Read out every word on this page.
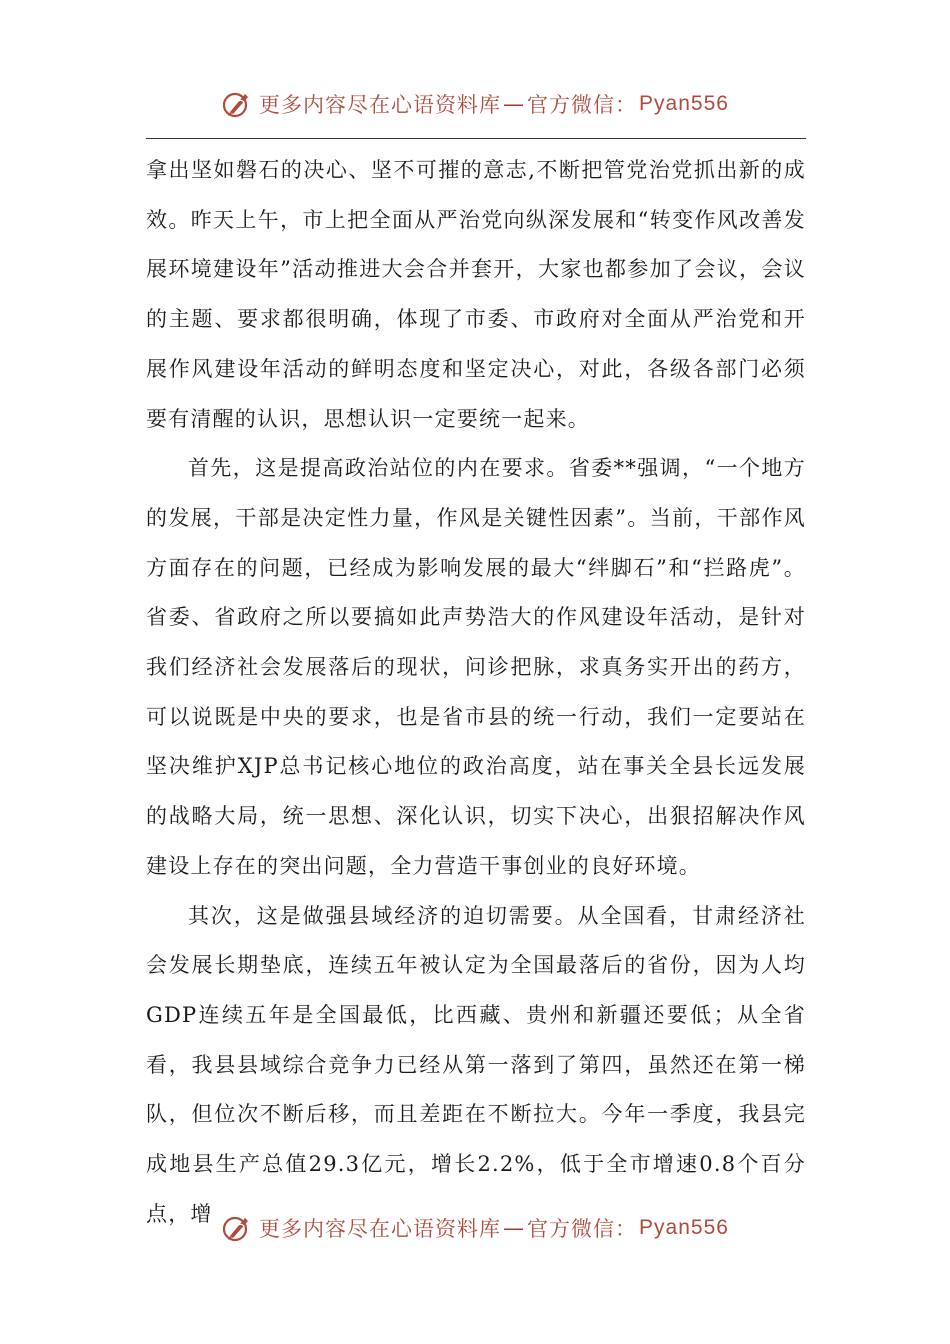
更多内容尽在心语资料库 — 官方微信： Pyan556

拿出坚如磐石的决心、坚不可摧的意志,不断把管党治党抓出新的成效。昨天上午，市上把全面从严治党向纵深发展和“转变作风改善发展环境建设年”活动推进大会合并套开，大家也都参加了会议，会议的主题、要求都很明确，体现了市委、市政府对全面从严治党和开展作风建设年活动的鲜明态度和坚定决心，对此，各级各部门必须要有清醒的认识，思想认识一定要统一起来。

首先，这是提高政治站位的内在要求。省委**强调，“一个地方的发展，干部是决定性力量，作风是关键性因素”。当前，干部作风方面存在的问题，已经成为影响发展的最大“绊脚石”和“拦路虎”。省委、省政府之所以要搞如此声势浩大的作风建设年活动，是针对我们经济社会发展落后的现状，问诊把脉，求真务实开出的药方，可以说既是中央的要求，也是省市县的统一行动，我们一定要站在坚决维护XJP总书记核心地位的政治高度，站在事关全县长远发展的战略大局，统一思想、深化认识，切实下决心，出狠招解决作风建设上存在的突出问题，全力营造干事创业的良好环境。

其次，这是做强县域经济的迫切需要。从全国看，甘肃经济社会发展长期垫底，连续五年被认定为全国最落后的省份，因为人均GDP连续五年是全国最低，比西藏、贵州和新疆还要低；从全省看，我县县域综合竞争力已经从第一落到了第四，虽然还在第一梯队，但位次不断后移，而且差距在不断拉大。今年一季度，我县完成地县生产总值29.3亿元，增长2.2%，低于全市增速0.8个百分点，增

更多内容尽在心语资料库 — 官方微信： Pyan556
